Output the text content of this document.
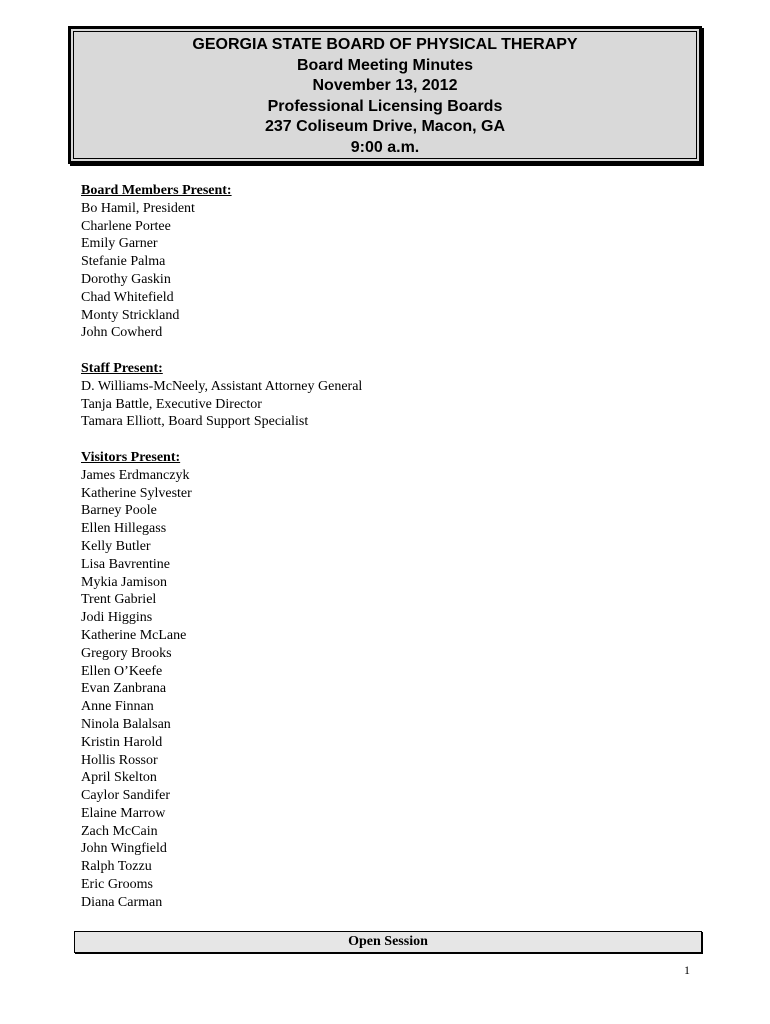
GEORGIA STATE BOARD OF PHYSICAL THERAPY
Board Meeting Minutes
November 13, 2012
Professional Licensing Boards
237 Coliseum Drive, Macon, GA
9:00 a.m.
Board Members Present:
Bo Hamil, President
Charlene Portee
Emily Garner
Stefanie Palma
Dorothy Gaskin
Chad Whitefield
Monty Strickland
John Cowherd
Staff Present:
D. Williams-McNeely, Assistant Attorney General
Tanja Battle, Executive Director
Tamara Elliott, Board Support Specialist
Visitors Present:
James Erdmanczyk
Katherine Sylvester
Barney Poole
Ellen Hillegass
Kelly Butler
Lisa Bavrentine
Mykia Jamison
Trent Gabriel
Jodi Higgins
Katherine McLane
Gregory Brooks
Ellen O’Keefe
Evan Zanbrana
Anne Finnan
Ninola Balalsan
Kristin Harold
Hollis Rossor
April Skelton
Caylor Sandifer
Elaine Marrow
Zach McCain
John Wingfield
Ralph Tozzu
Eric Grooms
Diana Carman
Open Session
1
